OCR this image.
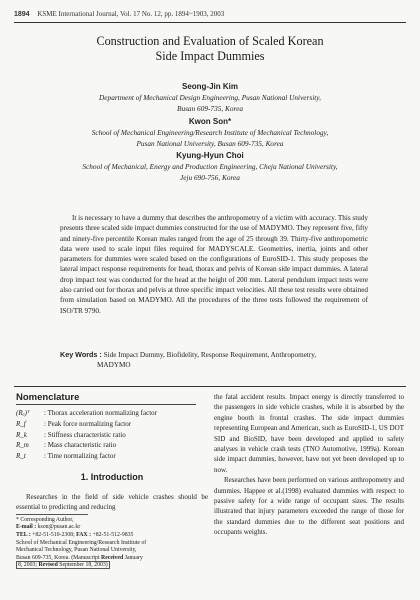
1894 KSME International Journal, Vol. 17 No. 12, pp. 1894~1903, 2003
Construction and Evaluation of Scaled Korean
Side Impact Dummies
Seong-Jin Kim
Department of Mechanical Design Engineering, Pusan National University,
Busan 609-735, Korea
Kwon Son*
School of Mechanical Engineering/Research Institute of Mechanical Technology,
Pusan National University, Busan 609-735, Korea
Kyung-Hyun Choi
School of Mechanical, Energy and Production Engineering, Cheju National University,
Jeju 690-756, Korea
It is necessary to have a dummy that describes the anthropometry of a victim with accuracy. This study presents three scaled side impact dummies constructed for the use of MADYMO. They represent five, fifty and ninety-five percentile Korean males ranged from the age of 25 through 39. Thirty-five anthropometric data were used to scale input files required for MADYSCALE. Geometries, inertia, joints and other parameters for dummies were scaled based on the configurations of EuroSID-1. This study proposes the lateral impact response requirements for head, thorax and pelvis of Korean side impact dummies. A lateral drop impact test was conducted for the head at the height of 200 mm. Lateral pendulum impact tests were also carried out for thorax and pelvis at three specific impact velocities. All these test results were obtained from simulation based on MADYMO. All the procedures of the three tests followed the requirement of ISO/TR 9790.
Key Words : Side Impact Dummy, Biofidelity, Response Requirement, Anthropometry,
MADYMO
Nomenclature
(Rₐ)ᵀ : Thorax acceleration normalizing factor
R_f	: Peak force normalizing factor
R_k : Stiffness characteristic ratio
R_m : Mass characteristic ratio
R_t	: Time normalizing factor
1. Introduction
Researches in the field of side vehicle crashes should be essential to predicting and reducing
* Corresponding Author,
E-mail : kson@pusan.ac.kr
TEL : +82-51-510-2308; FAX : +82-51-512-9835
School of Mechanical Engineering/Research Institute of
Mechanical Technology, Pusan National University,
Busan 609-735, Korea. (Manuscript Received January
8, 2003; Revised September 18, 2003)

the fatal accident results. Impact energy is directly transferred to the passengers in side vehicle crashes, while it is absorbed by the engine booth in frontal crashes. The side impact dummies representing European and American, such as EuroSID-1, US DOT SID and BioSID, have been developed and applied to safety analyses in vehicle crash tests (TNO Automotive, 1999a). Korean side impact dummies, however, have not yet been developed up to now.

Researches have been performed on various anthropometry and dummies. Happee et al.(1998) evaluated dummies with respect to passive safety for a wide range of occupant sizes. The results illustrated that injury parameters exceeded the range of those for the standard dummies due to the different seat positions and occupants weights.
